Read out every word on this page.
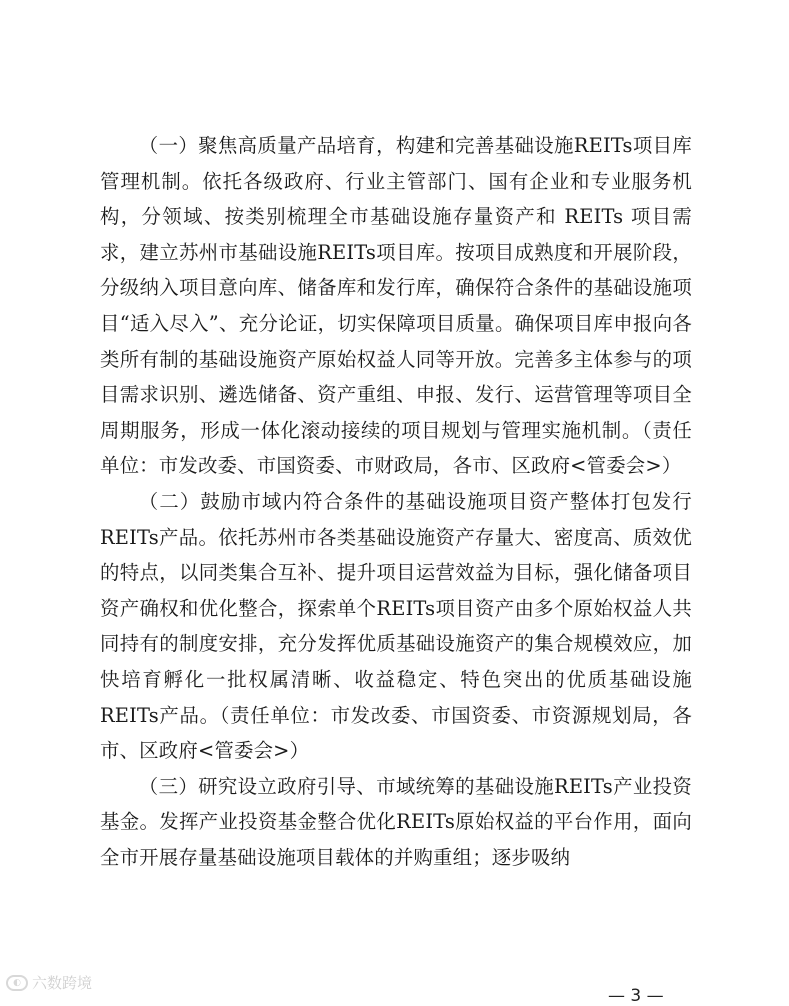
（一）聚焦高质量产品培育，构建和完善基础设施REITs项目库管理机制。依托各级政府、行业主管部门、国有企业和专业服务机构，分领域、按类别梳理全市基础设施存量资产和 REITs 项目需求，建立苏州市基础设施REITs项目库。按项目成熟度和开展阶段，分级纳入项目意向库、储备库和发行库，确保符合条件的基础设施项目“适入尽入”、充分论证，切实保障项目质量。确保项目库申报向各类所有制的基础设施资产原始权益人同等开放。完善多主体参与的项目需求识别、遴选储备、资产重组、申报、发行、运营管理等项目全周期服务，形成一体化滚动接续的项目规划与管理实施机制。（责任单位：市发改委、市国资委、市财政局，各市、区政府<管委会>）

（二）鼓励市域内符合条件的基础设施项目资产整体打包发行REITs产品。依托苏州市各类基础设施资产存量大、密度高、质效优的特点，以同类集合互补、提升项目运营效益为目标，强化储备项目资产确权和优化整合，探索单个REITs项目资产由多个原始权益人共同持有的制度安排，充分发挥优质基础设施资产的集合规模效应，加快培育孵化一批权属清晰、收益稳定、特色突出的优质基础设施REITs产品。（责任单位：市发改委、市国资委、市资源规划局，各市、区政府<管委会>）

（三）研究设立政府引导、市域统筹的基础设施REITs产业投资基金。发挥产业投资基金整合优化REITs原始权益的平台作用，面向全市开展存量基础设施项目载体的并购重组；逐步吸纳

◐ 六数跨境
— 3 —
